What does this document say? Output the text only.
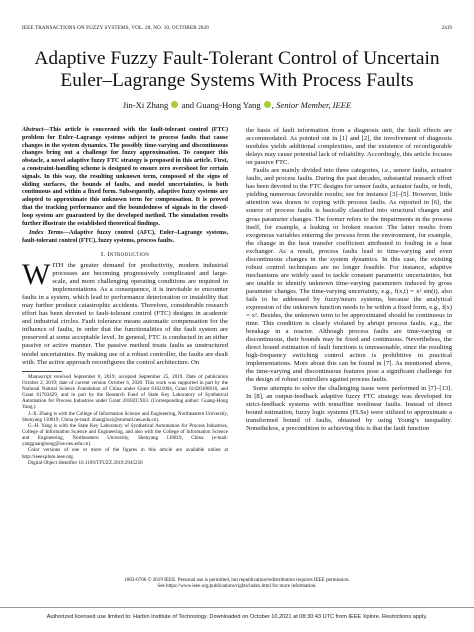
IEEE TRANSACTIONS ON FUZZY SYSTEMS, VOL. 28, NO. 10, OCTOBER 2020	2419
Adaptive Fuzzy Fault-Tolerant Control of Uncertain
Euler–Lagrange Systems With Process Faults
Jin-Xi Zhang and Guang-Hong Yang , Senior Member, IEEE

Abstract—This article is concerned with the fault-tolerant control (FTC) problem for Euler–Lagrange systems subject to process faults that cause changes in the system dynamics. The possibly time-varying and discontinuous changes bring out a challenge for fuzzy approximation. To conquer this obstacle, a novel adaptive fuzzy FTC strategy is proposed in this article. First, a constraint-handling scheme is designed to ensure zero overshoot for certain signals. In this way, the resulting unknown term, composed of the signs of sliding surfaces, the bounds of faults, and model uncertainties, is both continuous and within a fixed form. Subsequently, adaptive fuzzy systems are adopted to approximate this unknown term for compensation. It is proved that the tracking performance and the boundedness of signals in the closed-loop system are guaranteed by the developed method. The simulation results further illustrate the established theoretical findings.

Index Terms—Adaptive fuzzy control (AFC), Euler–Lagrange systems, fault-tolerant control (FTC), fuzzy systems, process faults.

I. Introduction

WITH the greater demand for productivity, modern industrial processes are becoming progressively complicated and large-scale, and more challenging operating conditions are required in implementations. As a consequence, it is inevitable to encounter faults in a system, which lead to performance deterioration or instability that may further produce catastrophic accidents. Therefore, considerable research effort has been devoted to fault-tolerant control (FTC) designs in academic and industrial circles. Fault tolerance means automatic compensation for the influence of faults, in order that the functionalities of the fault system are preserved at some acceptable level. In general, FTC is conducted in an either passive or active manner. The passive method treats faults as unstructured model uncertainties. By making use of a robust controller, the faults are dealt with. The active approach reconfigures the control architecture. On

Manuscript received September 8, 2019; accepted September 25, 2019. Date of publication October 2, 2019; date of current version October 6, 2020. This work was supported in part by the National Natural Science Foundation of China under Grant 61621004, Grant 61420106016, and Grant 61703429, and in part by the Research Fund of State Key Laboratory of Synthetical Automation for Process Industries under Grant 2018ZCX03. (Corresponding author: Guang-Hong Yang.)

J.-X. Zhang is with the College of Information Science and Engineering, Northeastern University, Shenyang 110819, China (e-mail: zhangjinxi@stumail.neu.edu.cn).

G.-H. Yang is with the State Key Laboratory of Synthetical Automation for Process Industries, College of Information Science and Engineering, and also with the College of Information Science and Engineering, Northeastern University, Shenyang 110819, China (e-mail: yangguanghong@ise.neu.edu.cn).

Color versions of one or more of the figures in this article are available online at http://ieeexplore.ieee.org.

Digital Object Identifier 10.1109/TFUZZ.2019.2945256

the basis of fault information from a diagnosis unit, the fault effects are accommodated. As pointed out in [1] and [2], the involvement of diagnosis modules yields additional complexities, and the existence of reconfigurable delays may cause potential lack of reliability. Accordingly, this article focuses on passive FTC.

Faults are mainly divided into three categories, i.e., sensor faults, actuator faults, and process faults. During the past decades, substantial research effort has been devoted to the FTC designs for sensor faults, actuator faults, or both, yielding numerous favorable results; see for instance [3]–[5]. However, little attention was drawn to coping with process faults. As reported in [6], the source of process faults is basically classified into structural changes and gross parameter changes. The former refers to the impairments in the process itself, for example, a leaking or broken reactor. The latter results from exogenous variables entering the process from the environment, for example, the change in the heat transfer coefficient attributed to fouling in a heat exchanger. As a result, process faults lead to time-varying and even discontinuous changes in the system dynamics. In this case, the existing robust control techniques are no longer feasible. For instance, adaptive mechanisms are widely used to tackle constant parametric uncertainties, but are unable to identify unknown time-varying parameters induced by gross parameter changes. The time-varying uncertainty, e.g., f(x,t) = x² sin(t), also fails to be addressed by fuzzy/neuro systems, because the analytical expression of the unknown function needs to be within a fixed form, e.g., f(x) = x². Besides, the unknown term to be approximated should be continuous in time. This condition is clearly violated by abrupt process faults, e.g., the breakage in a reactor. Although process faults are time-varying or discontinuous, their bounds may be fixed and continuous. Nevertheless, the direct bound estimation of fault functions is unreasonable, since the resulting high-frequency switching control action is prohibitive in practical implementations. More about this can be found in [7]. As mentioned above, the time-varying and discontinuous features pose a significant challenge for the design of robust controllers against process faults.

Some attempts to solve the challenging issue were performed in [7]–[13]. In [8], an output-feedback adaptive fuzzy FTC strategy was developed for strict-feedback systems with nonaffine nonlinear faults. Instead of direct bound estimation, fuzzy logic systems (FLSs) were utilized to approximate a transformed bound of faults, obtained by using Young’s inequality. Nonetheless, a precondition to achieving this is that the fault function

1063-6706 © 2019 IEEE. Personal use is permitted, but republication/redistribution requires IEEE permission.
See https://www.ieee.org/publications/rights/index.html for more information.
Authorized licensed use limited to: Harbin Institute of Technology. Downloaded on October 10,2021 at 08:30:43 UTC from IEEE Xplore. Restrictions apply.
